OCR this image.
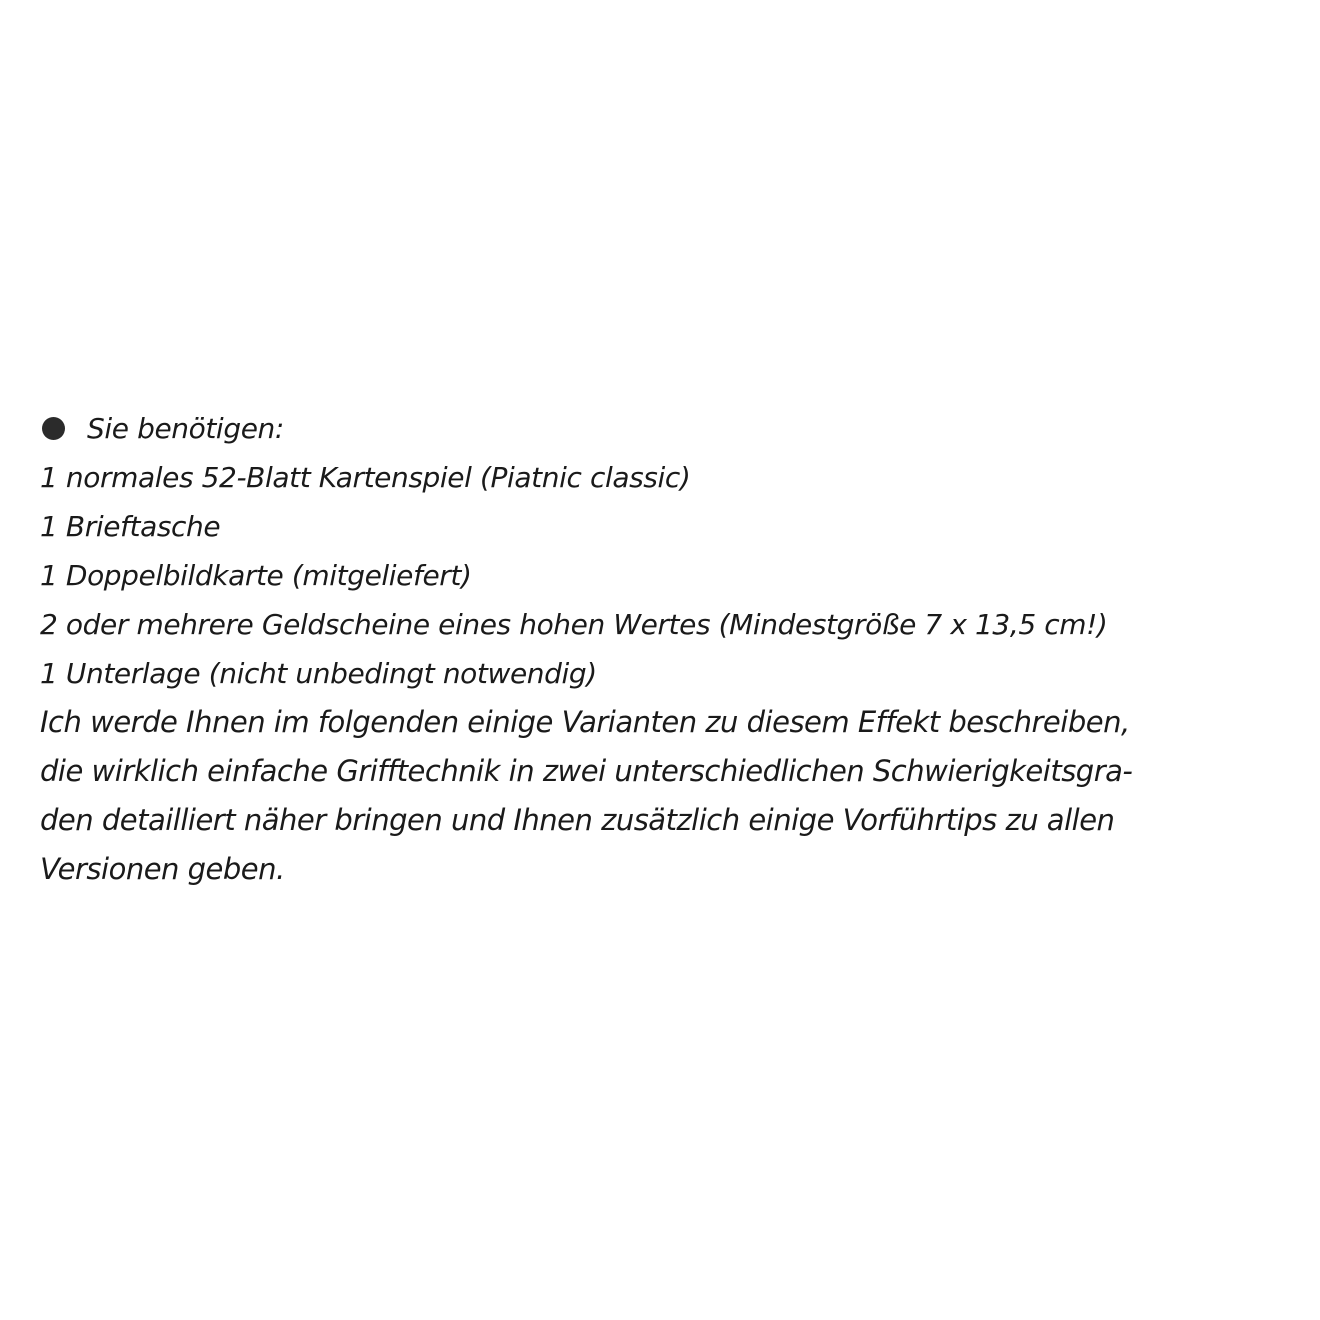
Sie benötigen:
1 normales 52-Blatt Kartenspiel (Piatnic classic)
1 Brieftasche
1 Doppelbildkarte (mitgeliefert)
2 oder mehrere Geldscheine eines hohen Wertes (Mindestgröße 7 x 13,5 cm!)
1 Unterlage (nicht unbedingt notwendig)
Ich werde Ihnen im folgenden einige Varianten zu diesem Effekt beschreiben,
die wirklich einfache Grifftechnik in zwei unterschiedlichen Schwierigkeitsgra-
den detailliert näher bringen und Ihnen zusätzlich einige Vorführtips zu allen
Versionen geben.
